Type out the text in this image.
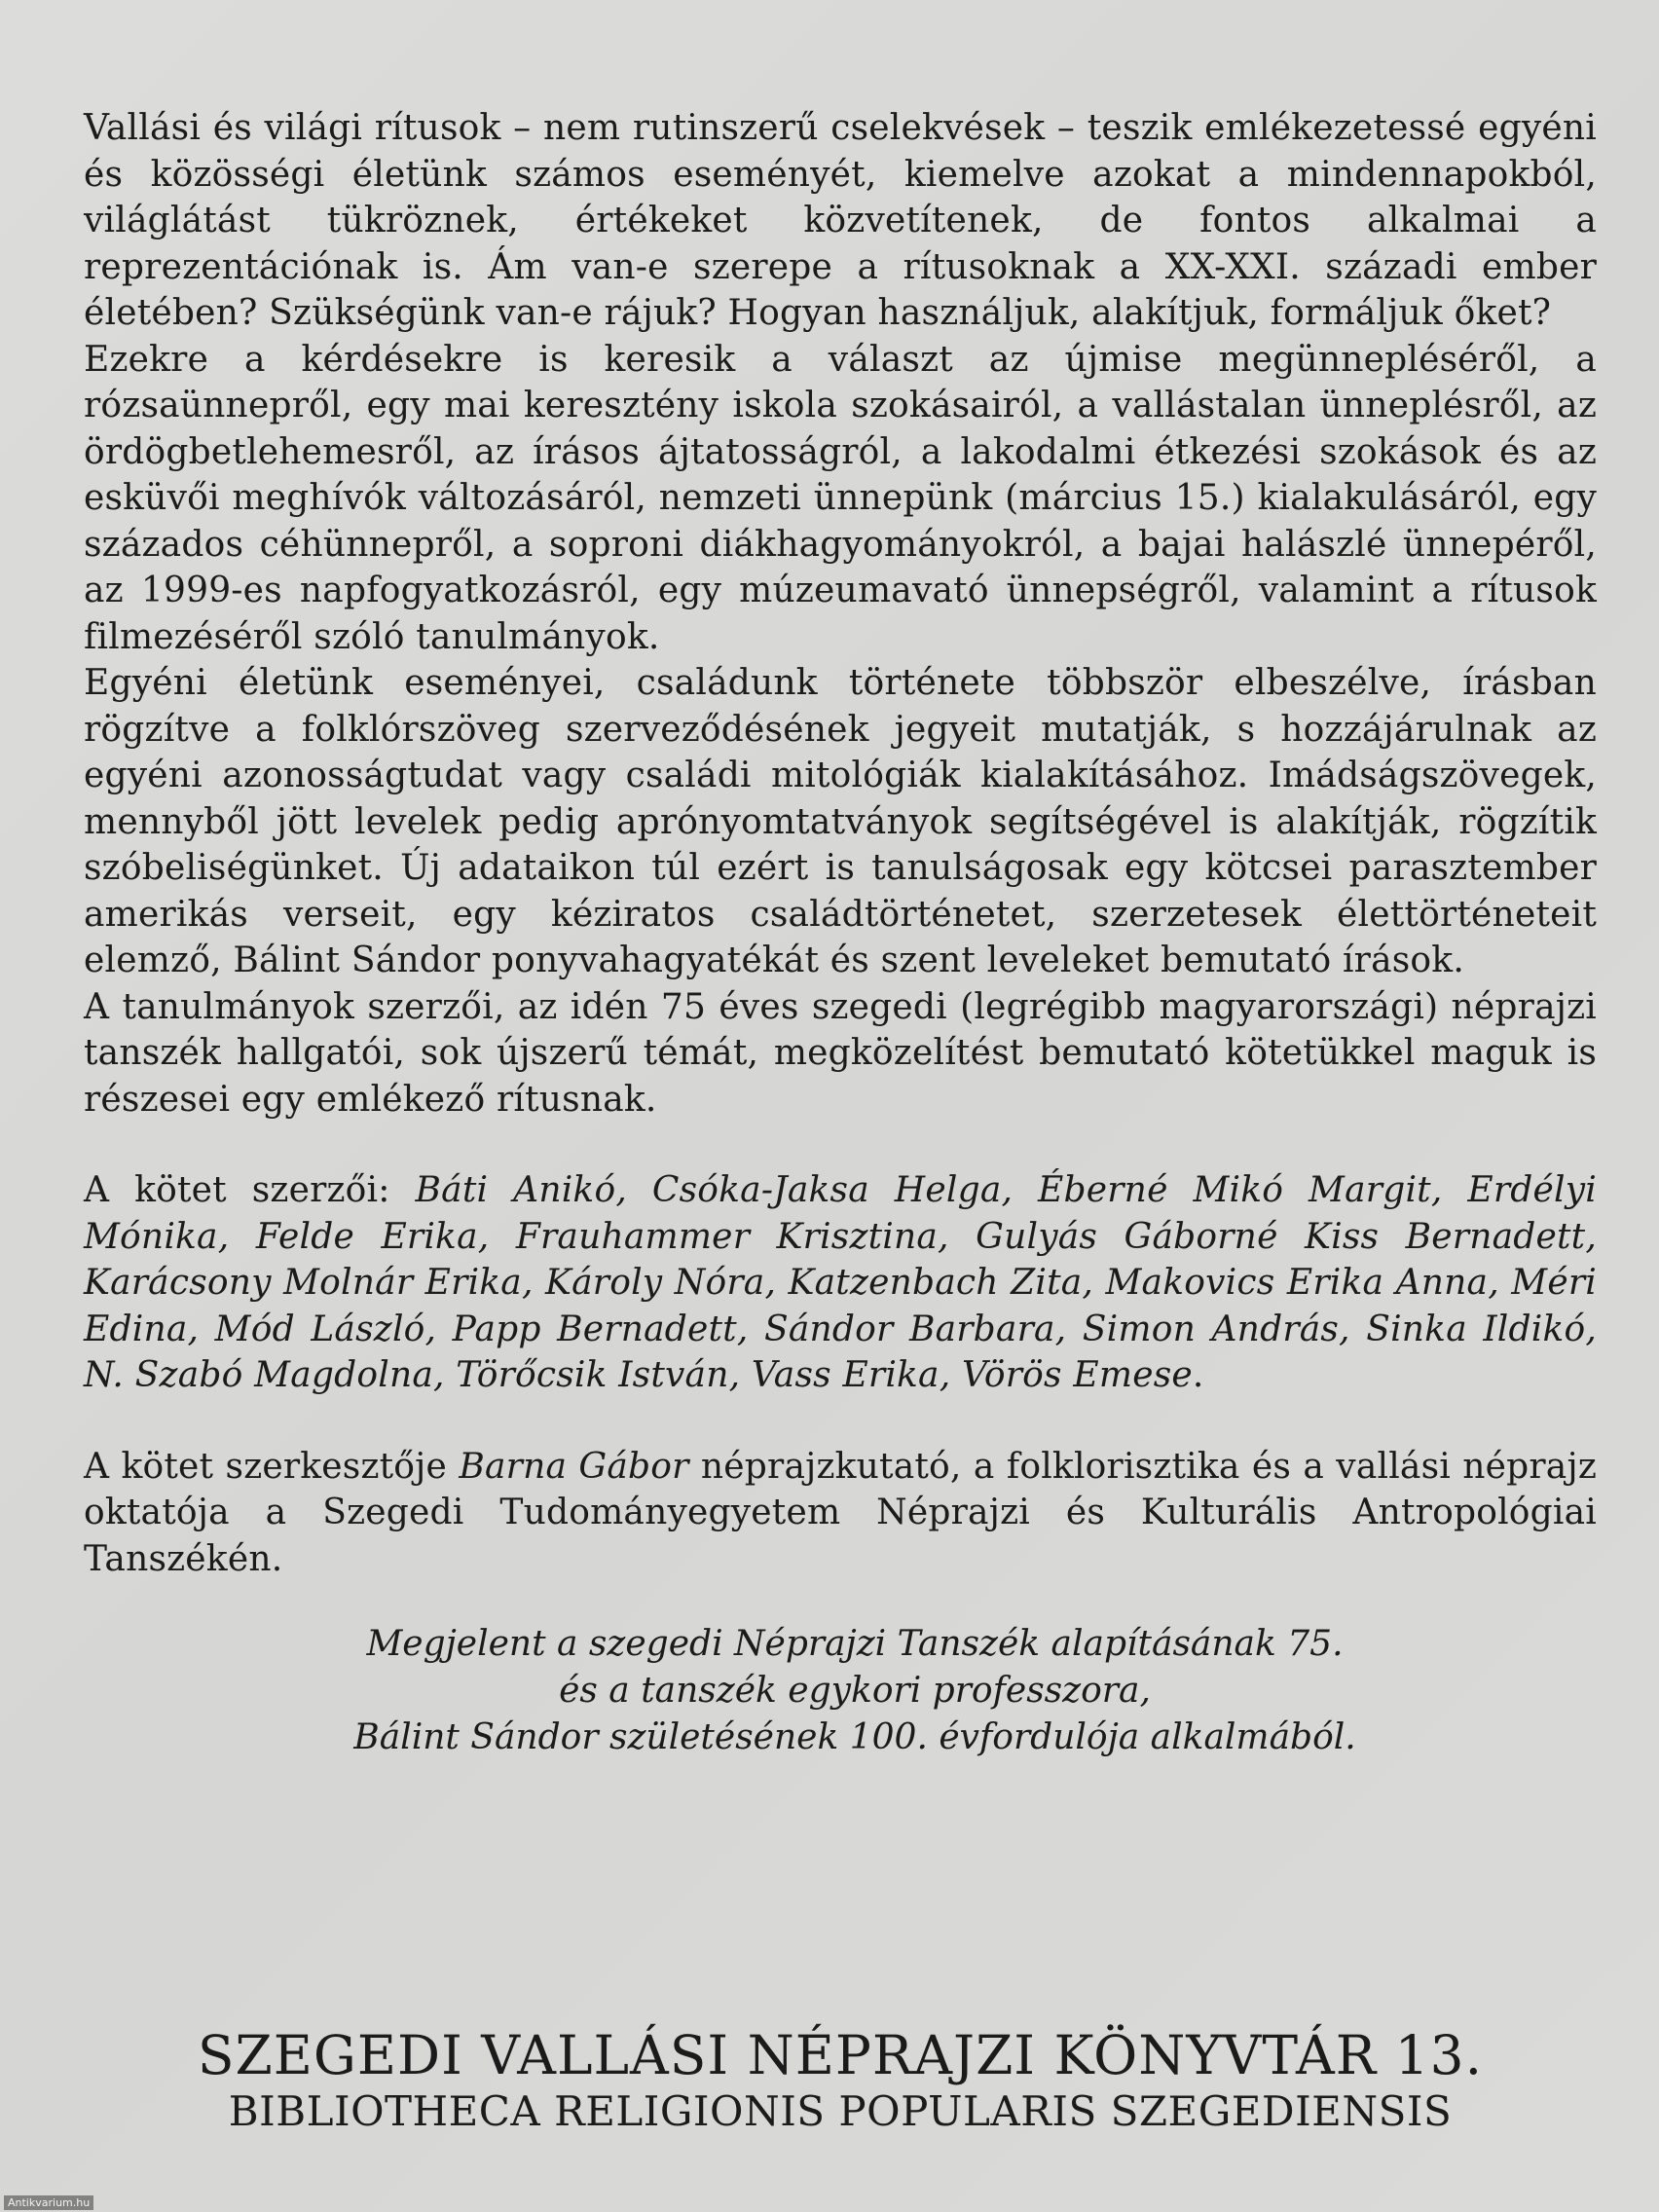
Vallási és világi rítusok – nem rutinszerű cselekvések – teszik emlékezetessé egyéni és közösségi életünk számos eseményét, kiemelve azokat a mindennapokból, világlátást tükröznek, értékeket közvetítenek, de fontos alkalmai a reprezentációnak is. Ám van-e szerepe a rítusoknak a XX-XXI. századi ember életében? Szükségünk van-e rájuk? Hogyan használjuk, alakítjuk, formáljuk őket?

Ezekre a kérdésekre is keresik a választ az újmise megünnepléséről, a rózsaünnepről, egy mai keresztény iskola szokásairól, a vallástalan ünneplésről, az ördögbetlehemesről, az írásos ájtatosságról, a lakodalmi étkezési szokások és az esküvői meghívók változásáról, nemzeti ünnepünk (március 15.) kialakulásáról, egy százados céhünnepről, a soproni diákhagyományokról, a bajai halászlé ünnepéről, az 1999-es napfogyatkozásról, egy múzeumavató ünnepségről, valamint a rítusok filmezéséről szóló tanulmányok.

Egyéni életünk eseményei, családunk története többször elbeszélve, írásban rögzítve a folklórszöveg szerveződésének jegyeit mutatják, s hozzájárulnak az egyéni azonosságtudat vagy családi mitológiák kialakításához. Imádságszövegek, mennyből jött levelek pedig aprónyomtatványok segítségével is alakítják, rögzítik szóbeliségünket. Új adataikon túl ezért is tanulságosak egy kötcsei parasztember amerikás verseit, egy kéziratos családtörténetet, szerzetesek élettörténeteit elemző, Bálint Sándor ponyvahagyatékát és szent leveleket bemutató írások.

A tanulmányok szerzői, az idén 75 éves szegedi (legrégibb magyarországi) néprajzi tanszék hallgatói, sok újszerű témát, megközelítést bemutató kötetükkel maguk is részesei egy emlékező rítusnak.

A kötet szerzői: Báti Anikó, Csóka-Jaksa Helga, Éberné Mikó Margit, Erdélyi Mónika, Felde Erika, Frauhammer Krisztina, Gulyás Gáborné Kiss Bernadett, Karácsony Molnár Erika, Károly Nóra, Katzenbach Zita, Makovics Erika Anna, Méri Edina, Mód László, Papp Bernadett, Sándor Barbara, Simon András, Sinka Ildikó, N. Szabó Magdolna, Törőcsik István, Vass Erika, Vörös Emese.

A kötet szerkesztője Barna Gábor néprajzkutató, a folklorisztika és a vallási néprajz oktatója a Szegedi Tudományegyetem Néprajzi és Kulturális Antropológiai Tanszékén.

Megjelent a szegedi Néprajzi Tanszék alapításának 75.

és a tanszék egykori professzora,

Bálint Sándor születésének 100. évfordulója alkalmából.

SZEGEDI VALLÁSI NÉPRAJZI KÖNYVTÁR 13.

BIBLIOTHECA RELIGIONIS POPULARIS SZEGEDIENSIS

Antikvarium.hu
